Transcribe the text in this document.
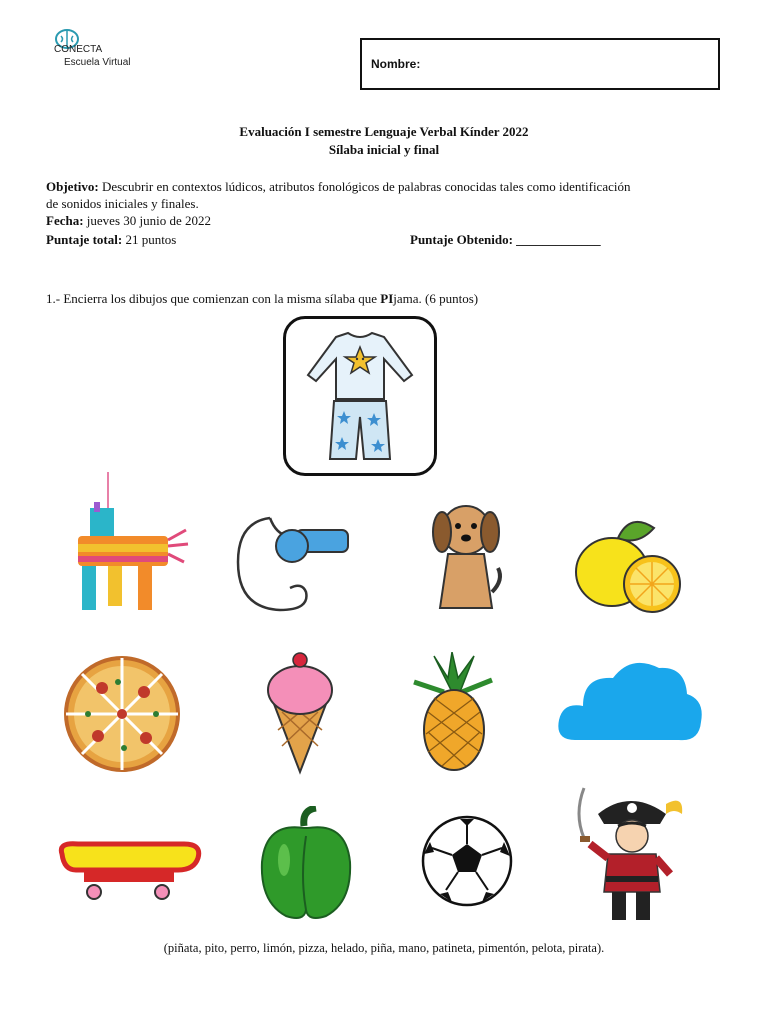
CONECTA
Escuela Virtual	Nombre:
Evaluación I semestre Lenguaje Verbal Kínder 2022
Sílaba inicial y final
Objetivo: Descubrir en contextos lúdicos, atributos fonológicos de palabras conocidas tales como identificación
de sonidos iniciales y finales.
Fecha: jueves 30 junio de 2022
Puntaje total: 21 puntos	Puntaje Obtenido: _____________
1.- Encierra los dibujos que comienzan con la misma sílaba que PIjama. (6 puntos)
(piñata, pito, perro, limón, pizza, helado, piña, mano, patineta, pimentón, pelota, pirata).
